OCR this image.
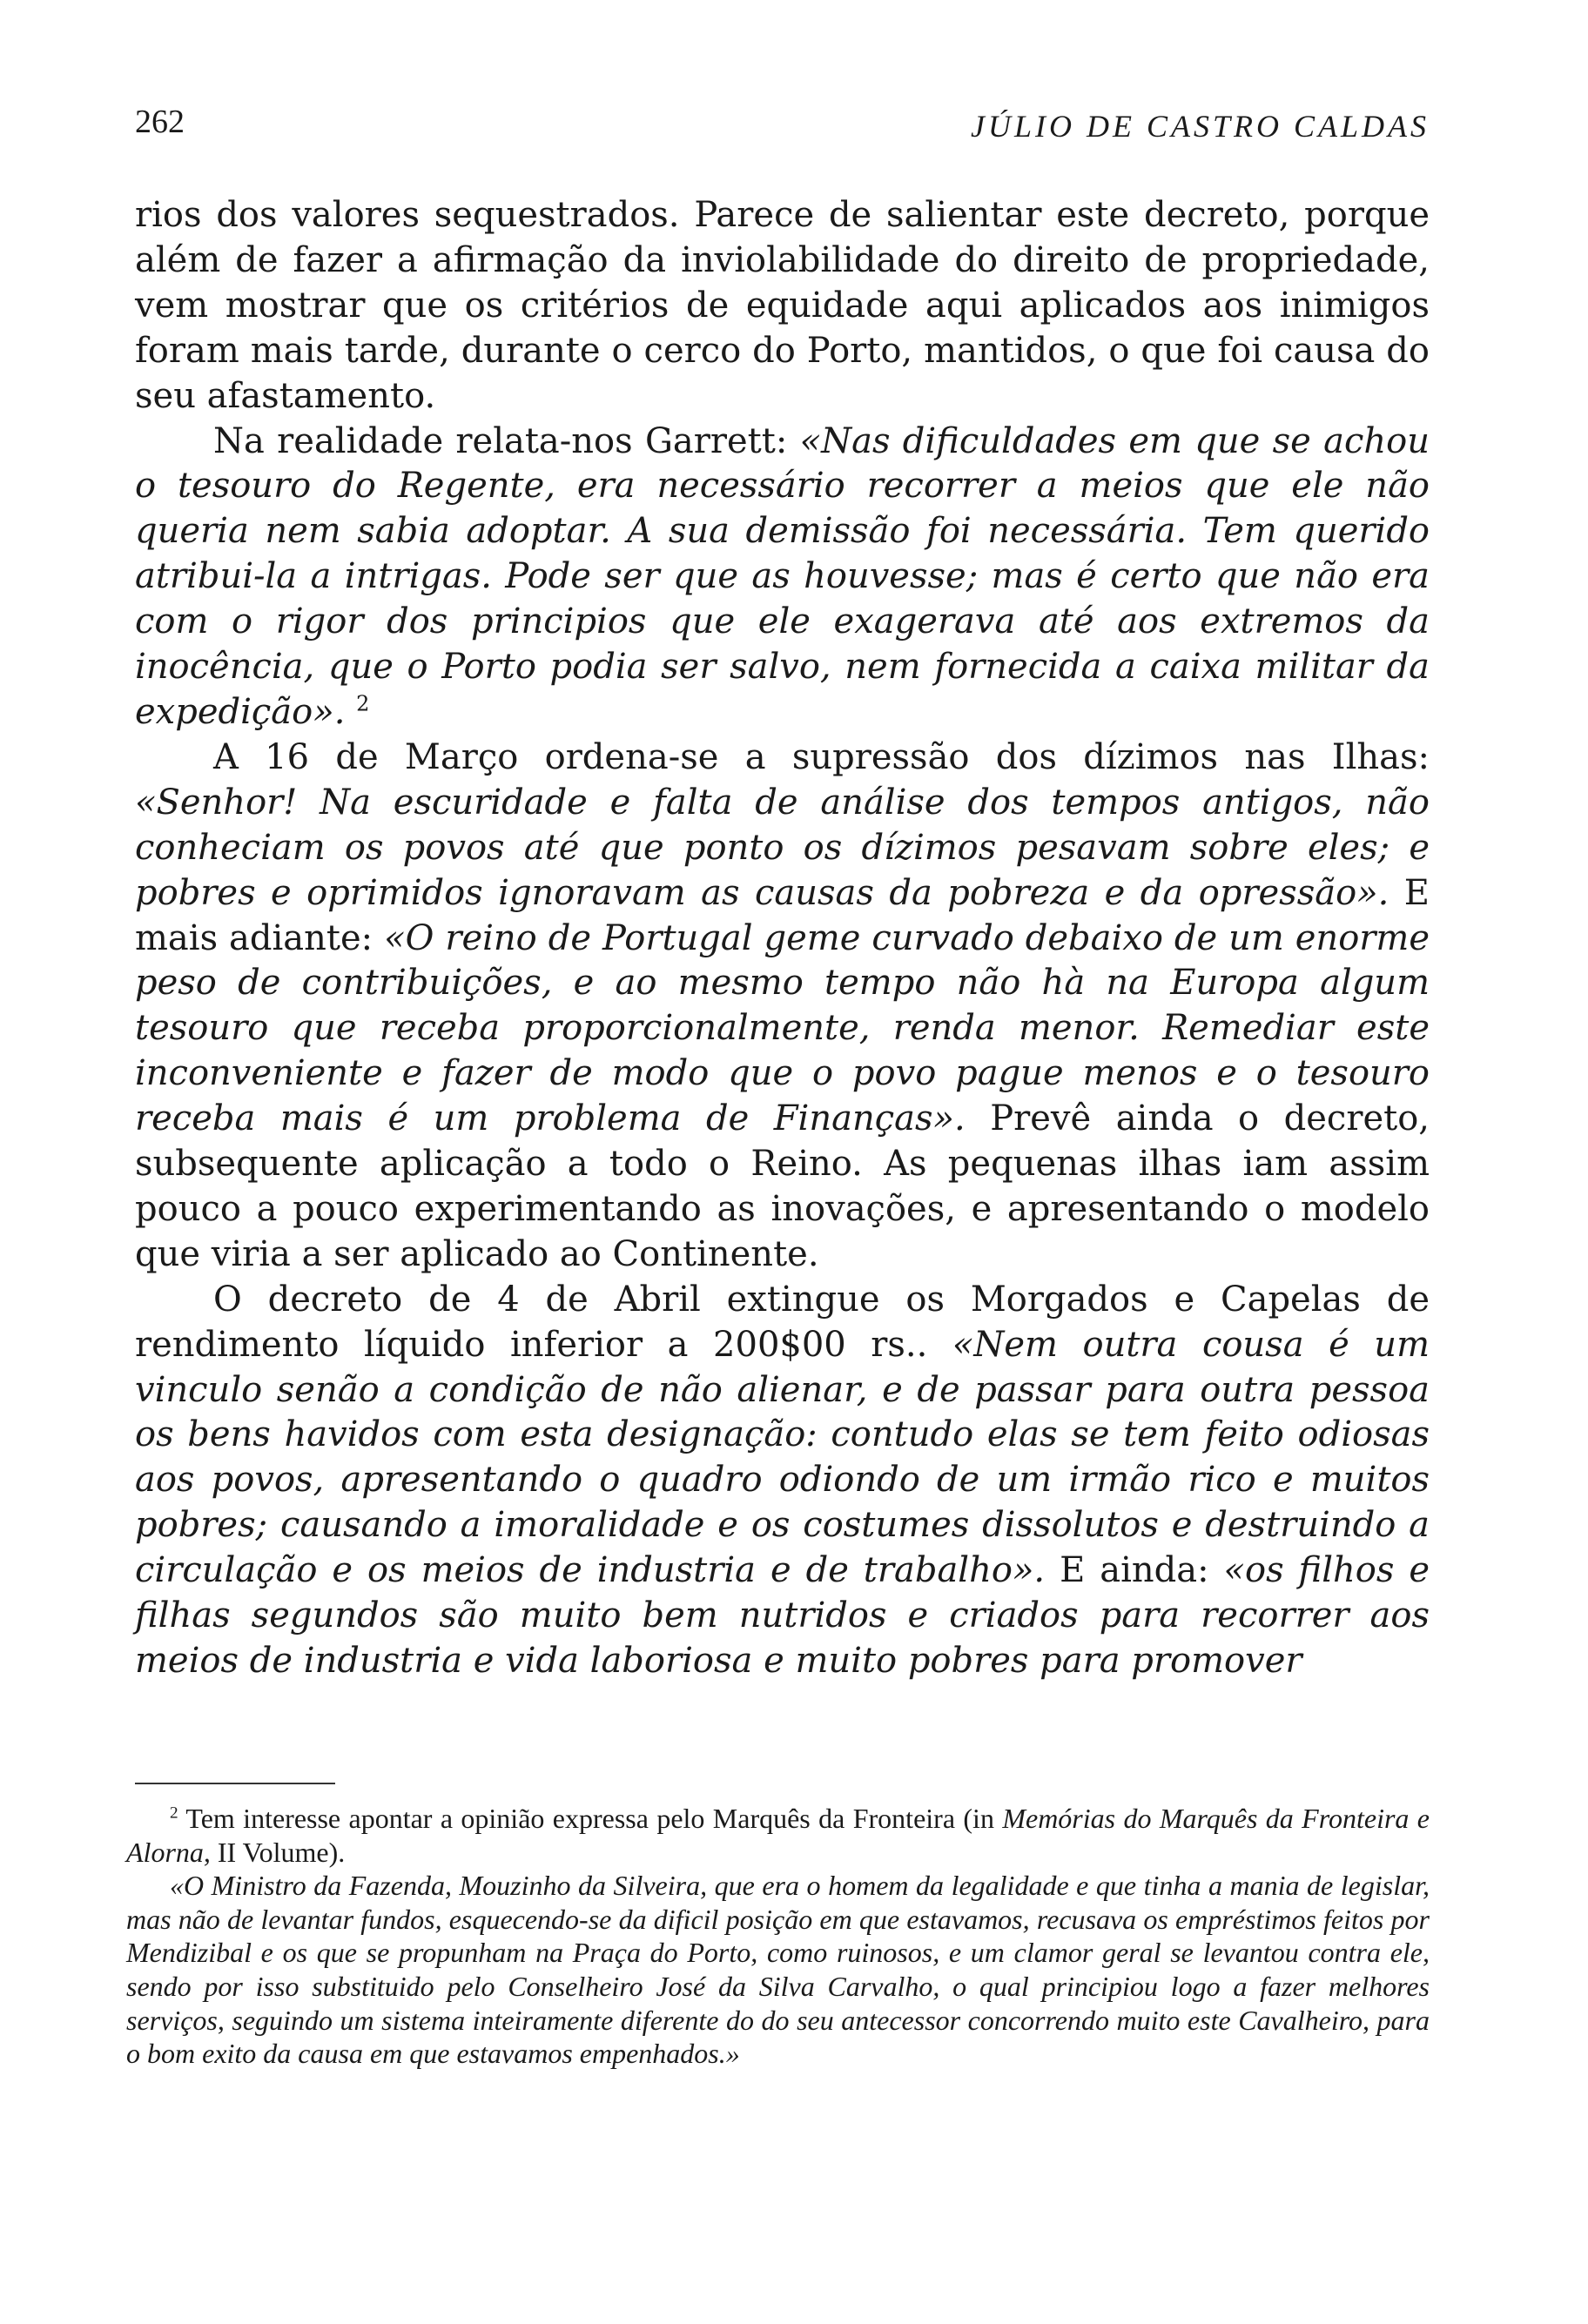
262	JÚLIO DE CASTRO CALDAS

rios dos valores sequestrados. Parece de salientar este decreto, porque além de fazer a afirmação da inviolabilidade do direito de propriedade, vem mostrar que os critérios de equidade aqui aplicados aos inimigos foram mais tarde, durante o cerco do Porto, mantidos, o que foi causa do seu afastamento.

Na realidade relata-nos Garrett: «Nas dificuldades em que se achou o tesouro do Regente, era necessário recorrer a meios que ele não queria nem sabia adoptar. A sua demissão foi necessária. Tem querido atribui-la a intrigas. Pode ser que as houvesse; mas é certo que não era com o rigor dos principios que ele exagerava até aos extremos da inocência, que o Porto podia ser salvo, nem fornecida a caixa militar da expedição». $^2$

A 16 de Março ordena-se a supressão dos dízimos nas Ilhas: «Senhor! Na escuridade e falta de análise dos tempos antigos, não conheciam os povos até que ponto os dízimos pesavam sobre eles; e pobres e oprimidos ignoravam as causas da pobreza e da opressão». E mais adiante: «O reino de Portugal geme curvado debaixo de um enorme peso de contribuições, e ao mesmo tempo não hà na Europa algum tesouro que receba proporcionalmente, renda menor. Remediar este inconveniente e fazer de modo que o povo pague menos e o tesouro receba mais é um problema de Finanças». Prevê ainda o decreto, subsequente aplicação a todo o Reino. As pequenas ilhas iam assim pouco a pouco experimentando as inovações, e apresentando o modelo que viria a ser aplicado ao Continente.

O decreto de 4 de Abril extingue os Morgados e Capelas de rendimento líquido inferior a 200$00 rs.. «Nem outra cousa é um vinculo senão a condição de não alienar, e de passar para outra pessoa os bens havidos com esta designação: contudo elas se tem feito odiosas aos povos, apresentando o quadro odiondo de um irmão rico e muitos pobres; causando a imoralidade e os costumes dissolutos e destruindo a circulação e os meios de industria e de trabalho». E ainda: «os filhos e filhas segundos são muito bem nutridos e criados para recorrer aos meios de industria e vida laboriosa e muito pobres para promover

$^2$ Tem interesse apontar a opinião expressa pelo Marquês da Fronteira (in Memórias do Marquês da Fronteira e Alorna, II Volume).

«O Ministro da Fazenda, Mouzinho da Silveira, que era o homem da legalidade e que tinha a mania de legislar, mas não de levantar fundos, esquecendo-se da dificil posição em que estavamos, recusava os empréstimos feitos por Mendizibal e os que se propunham na Praça do Porto, como ruinosos, e um clamor geral se levantou contra ele, sendo por isso substituido pelo Conselheiro José da Silva Carvalho, o qual principiou logo a fazer melhores serviços, seguindo um sistema inteiramente diferente do do seu antecessor concorrendo muito este Cavalheiro, para o bom exito da causa em que estavamos empenhados.»
